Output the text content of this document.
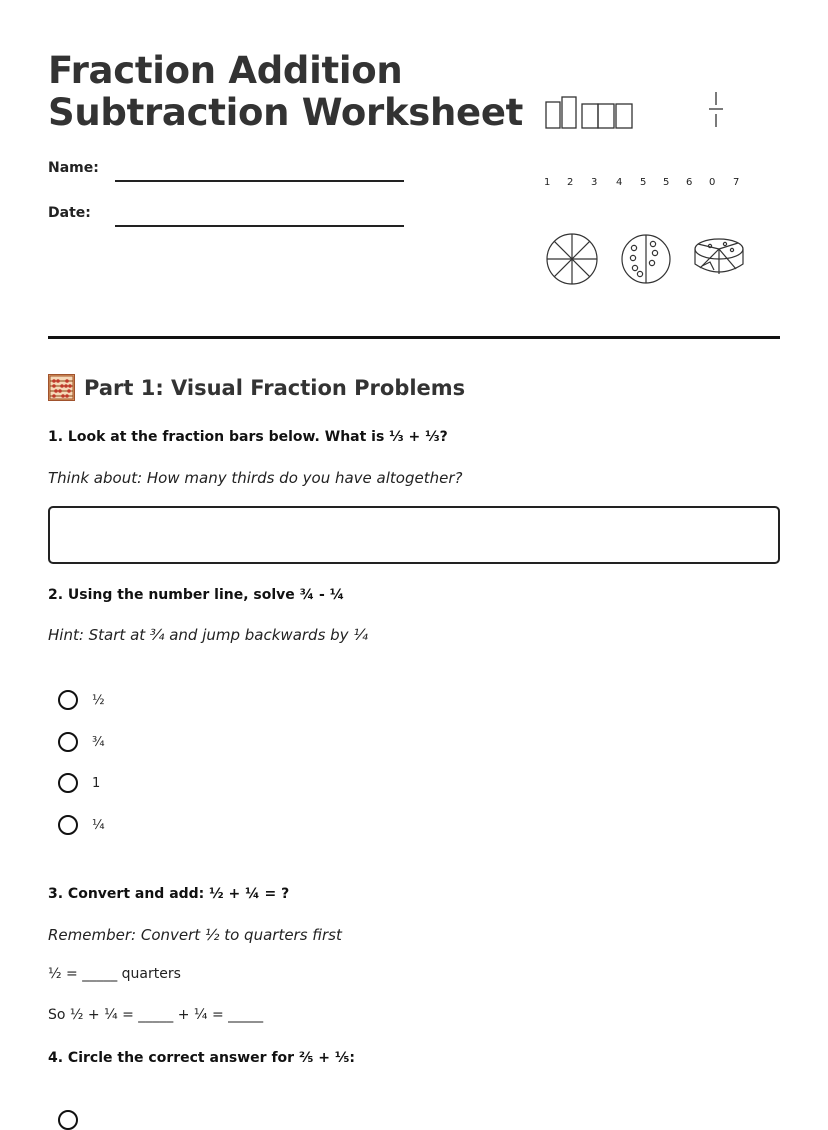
Fraction Addition
Subtraction Worksheet
Name:
Date:
1 2 3 4 5 5 6 0 7
Part 1: Visual Fraction Problems

1. Look at the fraction bars below. What is ⅓ + ⅓?

Think about: How many thirds do you have altogether?

2. Using the number line, solve ¾ - ¼

Hint: Start at ¾ and jump backwards by ¼

½
¾
1
¼

3. Convert and add: ½ + ¼ = ?

Remember: Convert ½ to quarters first

½ = _____ quarters

So ½ + ¼ = _____ + ¼ = _____

4. Circle the correct answer for ⅖ + ⅕:
